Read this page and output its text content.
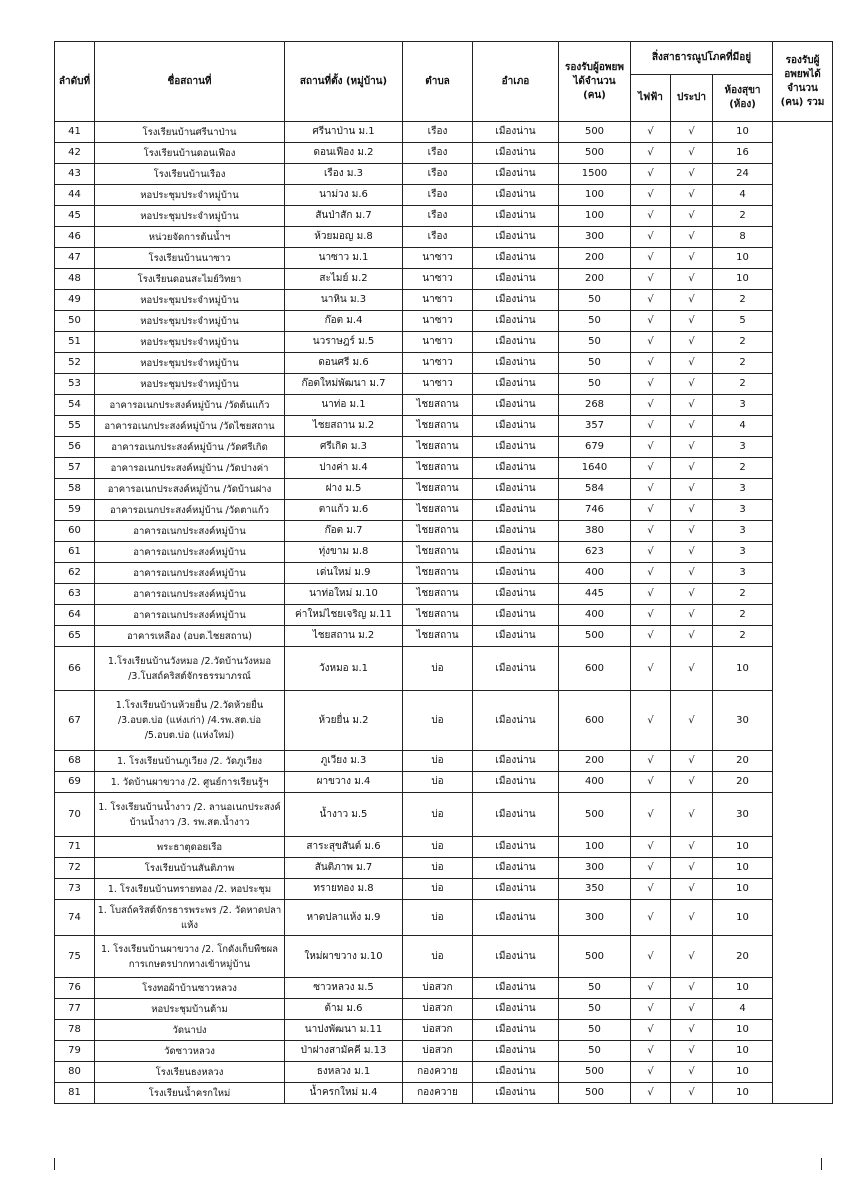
ลำดับที่	ชื่อสถานที่	สถานที่ตั้ง (หมู่บ้าน)	ตำบล	อำเภอ	รองรับผู้อพยพ ได้จำนวน (คน)	สิ่งสาธารณูปโภคที่มีอยู่			รองรับผู้อพยพได้ จำนวน (คน) รวม
						ไฟฟ้า	ประปา	ห้องสุขา (ห้อง)	
41	โรงเรียนบ้านศรีนาป่าน	ศรีนาป่าน ม.1	เรือง	เมืองน่าน	500	√	√	10	
42	โรงเรียนบ้านดอนเฟือง	ดอนเฟือง ม.2	เรือง	เมืองน่าน	500	√	√	16	
43	โรงเรียนบ้านเรือง	เรือง ม.3	เรือง	เมืองน่าน	1500	√	√	24	
44	หอประชุมประจำหมู่บ้าน	นาม่วง ม.6	เรือง	เมืองน่าน	100	√	√	4	
45	หอประชุมประจำหมู่บ้าน	สันป่าสัก ม.7	เรือง	เมืองน่าน	100	√	√	2	
46	หน่วยจัดการต้นน้ำฯ	ห้วยมอญ ม.8	เรือง	เมืองน่าน	300	√	√	8	
47	โรงเรียนบ้านนาซาว	นาซาว ม.1	นาซาว	เมืองน่าน	200	√	√	10	
48	โรงเรียนดอนสะไมย์วิทยา	สะไมย์ ม.2	นาซาว	เมืองน่าน	200	√	√	10	
49	หอประชุมประจำหมู่บ้าน	นาหิน ม.3	นาซาว	เมืองน่าน	50	√	√	2	
50	หอประชุมประจำหมู่บ้าน	ก๊อต ม.4	นาซาว	เมืองน่าน	50	√	√	5	
51	หอประชุมประจำหมู่บ้าน	นวราษฎร์ ม.5	นาซาว	เมืองน่าน	50	√	√	2	
52	หอประชุมประจำหมู่บ้าน	ดอนศรี ม.6	นาซาว	เมืองน่าน	50	√	√	2	
53	หอประชุมประจำหมู่บ้าน	ก๊อตใหม่พัฒนา ม.7	นาซาว	เมืองน่าน	50	√	√	2	
54	อาคารอเนกประสงค์หมู่บ้าน /วัดต้นแก้ว	นาท่อ ม.1	ไชยสถาน	เมืองน่าน	268	√	√	3	
55	อาคารอเนกประสงค์หมู่บ้าน /วัดไชยสถาน	ไชยสถาน ม.2	ไชยสถาน	เมืองน่าน	357	√	√	4	
56	อาคารอเนกประสงค์หมู่บ้าน /วัดศรีเกิด	ศรีเกิด ม.3	ไชยสถาน	เมืองน่าน	679	√	√	3	
57	อาคารอเนกประสงค์หมู่บ้าน /วัดปางค่า	ปางค่า ม.4	ไชยสถาน	เมืองน่าน	1640	√	√	2	
58	อาคารอเนกประสงค์หมู่บ้าน /วัดบ้านฝาง	ฝาง ม.5	ไชยสถาน	เมืองน่าน	584	√	√	3	
59	อาคารอเนกประสงค์หมู่บ้าน /วัดตาแก้ว	ตาแก้ว ม.6	ไชยสถาน	เมืองน่าน	746	√	√	3	
60	อาคารอเนกประสงค์หมู่บ้าน	ก๊อต ม.7	ไชยสถาน	เมืองน่าน	380	√	√	3	
61	อาคารอเนกประสงค์หมู่บ้าน	ทุ่งขาม ม.8	ไชยสถาน	เมืองน่าน	623	√	√	3	
62	อาคารอเนกประสงค์หมู่บ้าน	เด่นใหม่ ม.9	ไชยสถาน	เมืองน่าน	400	√	√	3	
63	อาคารอเนกประสงค์หมู่บ้าน	นาท่อใหม่ ม.10	ไชยสถาน	เมืองน่าน	445	√	√	2	
64	อาคารอเนกประสงค์หมู่บ้าน	ค่าใหม่ไชยเจริญ ม.11	ไชยสถาน	เมืองน่าน	400	√	√	2	
65	อาคารเหลือง (อบต.ไชยสถาน)	ไชยสถาน ม.2	ไชยสถาน	เมืองน่าน	500	√	√	2	
66	1.โรงเรียนบ้านวังหมอ /2.วัดบ้านวังหมอ /3.โบสถ์คริสต์จักรธรรมาภรณ์	วังหมอ ม.1	บ่อ	เมืองน่าน	600	√	√	10	
67	1.โรงเรียนบ้านห้วยยื่น /2.วัดห้วยยื่น /3.อบต.บ่อ (แห่งเก่า) /4.รพ.สต.บ่อ /5.อบต.บ่อ (แห่งใหม่)	ห้วยยื่น ม.2	บ่อ	เมืองน่าน	600	√	√	30	
68	1. โรงเรียนบ้านภูเวียง /2. วัดภูเวียง	ภูเวียง ม.3	บ่อ	เมืองน่าน	200	√	√	20	
69	1. วัดบ้านผาขวาง /2. ศูนย์การเรียนรู้ฯ	ผาขวาง ม.4	บ่อ	เมืองน่าน	400	√	√	20	
70	1. โรงเรียนบ้านน้ำงาว /2. ลานอเนกประสงค์บ้านน้ำงาว /3. รพ.สต.น้ำงาว	น้ำงาว ม.5	บ่อ	เมืองน่าน	500	√	√	30	
71	พระธาตุดอยเรือ	สาระสุขสันต์ ม.6	บ่อ	เมืองน่าน	100	√	√	10	
72	โรงเรียนบ้านสันติภาพ	สันติภาพ ม.7	บ่อ	เมืองน่าน	300	√	√	10	
73	1. โรงเรียนบ้านทรายทอง /2. หอประชุม	ทรายทอง ม.8	บ่อ	เมืองน่าน	350	√	√	10	
74	1. โบสถ์คริสต์จักรธารพระพร /2. วัดหาดปลาแห้ง	หาดปลาแห้ง ม.9	บ่อ	เมืองน่าน	300	√	√	10	
75	1. โรงเรียนบ้านผาขวาง /2. โกดังเก็บพืชผลการเกษตรปากทางเข้าหมู่บ้าน	ใหม่ผาขวาง ม.10	บ่อ	เมืองน่าน	500	√	√	20	
76	โรงทอผ้าบ้านซาวหลวง	ซาวหลวง ม.5	บ่อสวก	เมืองน่าน	50	√	√	10	
77	หอประชุมบ้านต้าม	ต้าม ม.6	บ่อสวก	เมืองน่าน	50	√	√	4	
78	วัดนาปง	นาปงพัฒนา ม.11	บ่อสวก	เมืองน่าน	50	√	√	10	
79	วัดซาวหลวง	ป่าฝางสามัคคี ม.13	บ่อสวก	เมืองน่าน	50	√	√	10	
80	โรงเรียนธงหลวง	ธงหลวง ม.1	กองควาย	เมืองน่าน	500	√	√	10	
81	โรงเรียนน้ำครกใหม่	น้ำครกใหม่ ม.4	กองควาย	เมืองน่าน	500	√	√	10	
